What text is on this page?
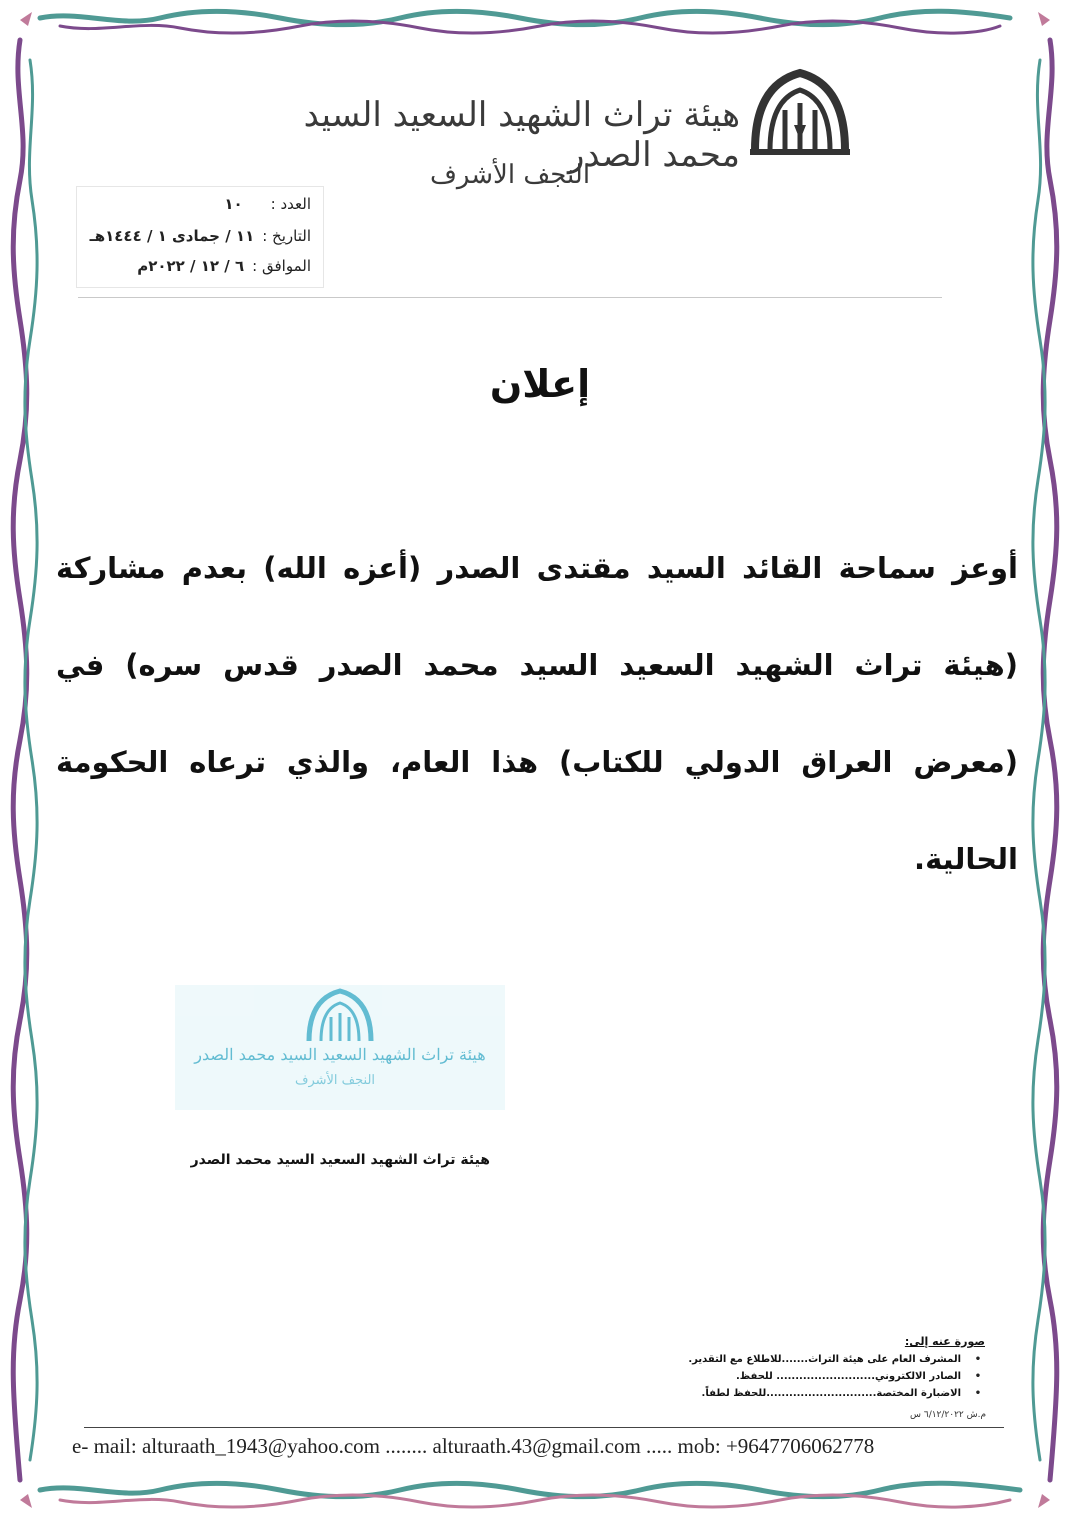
هيئة تراث الشهيد السعيد السيد محمد الصدر
النجف الأشرف
العدد :
١٠
التاريخ :
١١ / جمادى ١ / ١٤٤٤هـ
الموافق :
٦ / ١٢ / ٢٠٢٢م
إعلان
أوعز سماحة القائد السيد مقتدى الصدر (أعزه الله) بعدم مشاركة (هيئة تراث الشهيد السعيد السيد محمد الصدر قدس سره) في (معرض العراق الدولي للكتاب) هذا العام، والذي ترعاه الحكومة الحالية.
هيئة تراث الشهيد السعيد السيد محمد الصدر
النجف الأشرف
هيئة تراث الشهيد السعيد السيد محمد الصدر
صورة عنه إلى:
•
المشرف العام على هيئة التراث.......للاطلاع مع التقدير.
•
الصادر الالكتروني.......................... للحفظ.
•
الاضبارة المختصة.............................للحفظ لطفاً.
م.ش ٦/١٢/٢٠٢٢ س
e- mail: alturaath_1943@yahoo.com ........ alturaath.43@gmail.com ..... mob: +9647706062778
